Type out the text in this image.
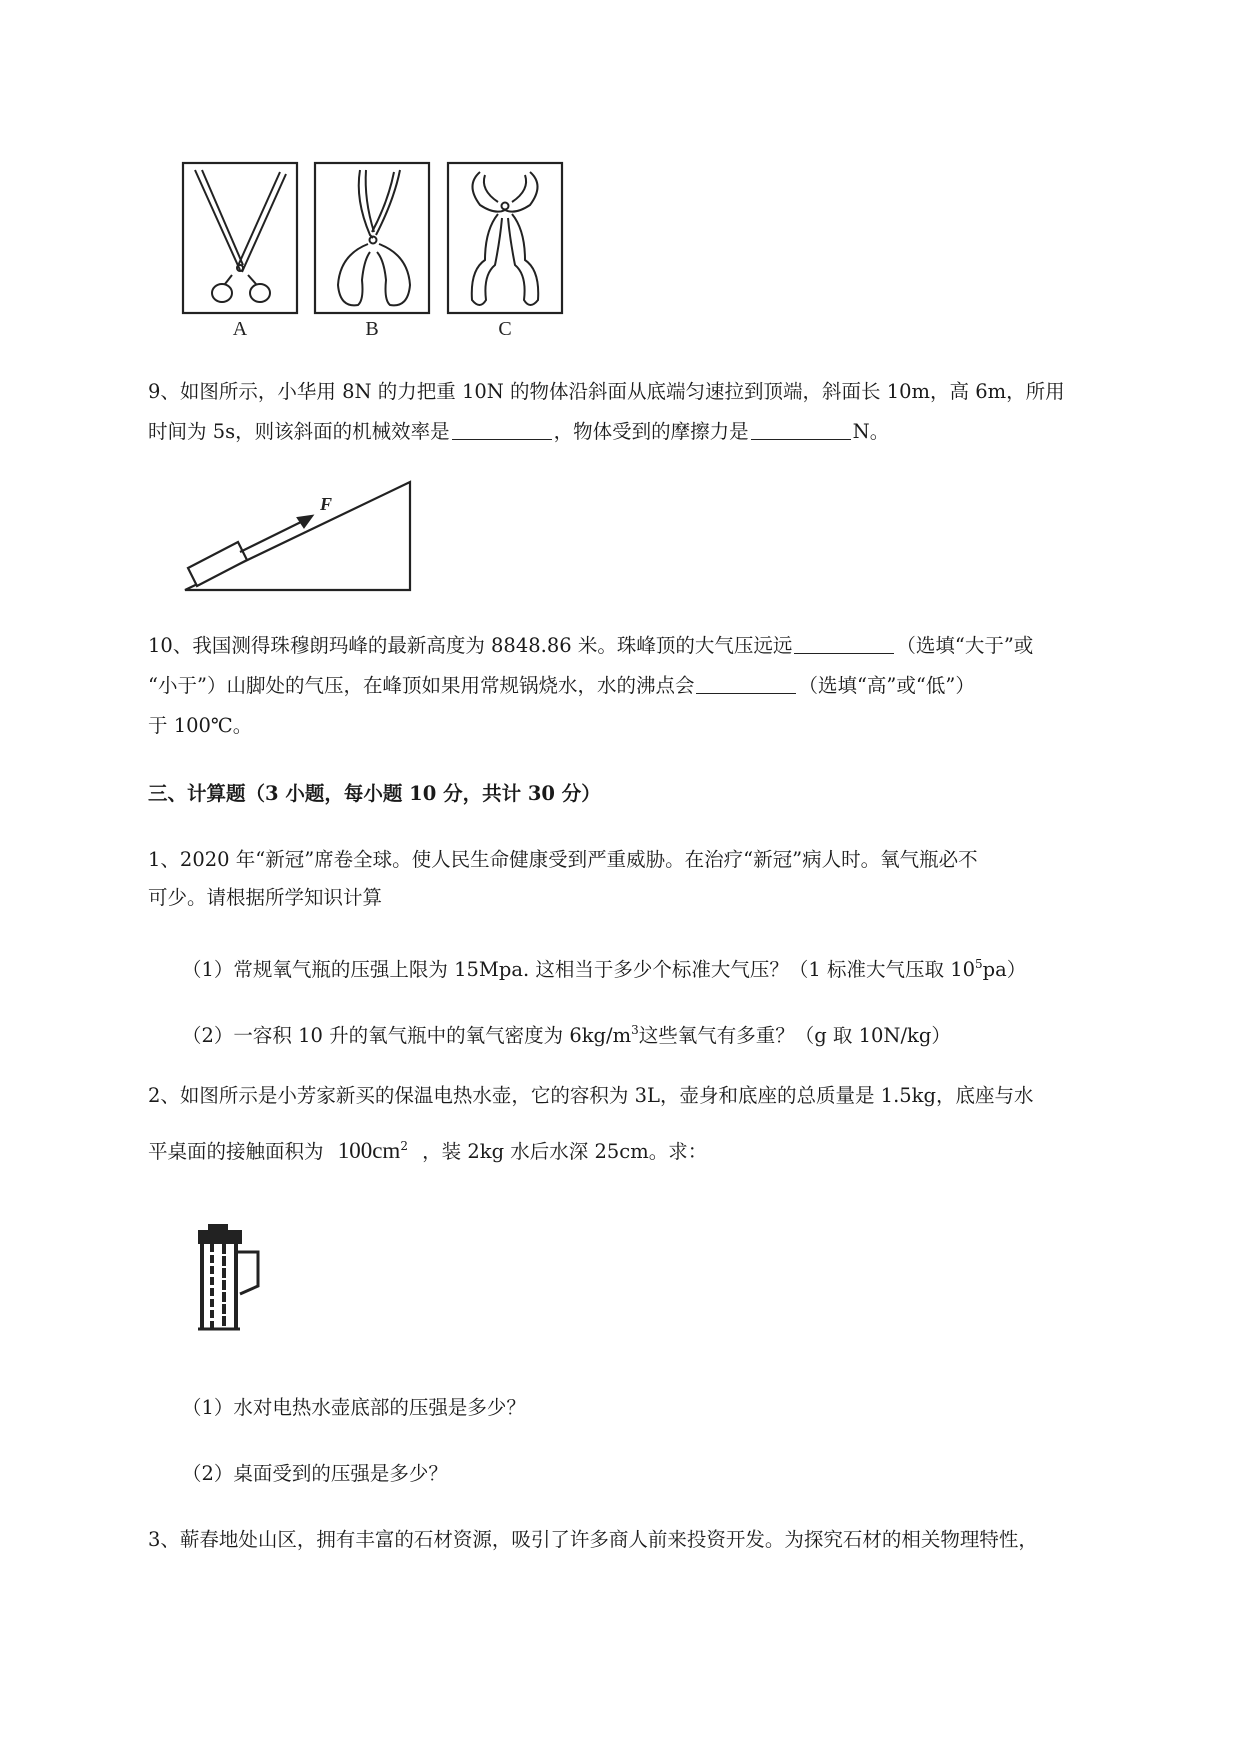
A	B	C
9、如图所示，小华用 8N 的力把重 10N 的物体沿斜面从底端匀速拉到顶端，斜面长 10m，高 6m，所用
时间为 5s，则该斜面的机械效率是	，物体受到的摩擦力是	N。
F
10、我国测得珠穆朗玛峰的最新高度为 8848.86 米。珠峰顶的大气压远远	（选填“大于”或
“小于”）山脚处的气压，在峰顶如果用常规锅烧水，水的沸点会	（选填“高”或“低”）
于 100℃。
三、计算题（3 小题，每小题 10 分，共计 30 分）
1、2020 年“新冠”席卷全球。使人民生命健康受到严重威胁。在治疗“新冠”病人时。氧气瓶必不
可少。请根据所学知识计算
（1）常规氧气瓶的压强上限为 15Mpa. 这相当于多少个标准大气压？（1 标准大气压取 $10^5pa$）
（2）一容积 10 升的氧气瓶中的氧气密度为 $6kg/m^3$这些氧气有多重？（g 取 10N/kg）
2、如图所示是小芳家新买的保温电热水壶，它的容积为 3L，壶身和底座的总质量是 1.5kg，底座与水
平桌面的接触面积为 $100cm^2$ ，装 2kg 水后水深 25cm。求：
（1）水对电热水壶底部的压强是多少？
（2）桌面受到的压强是多少？
3、蕲春地处山区，拥有丰富的石材资源，吸引了许多商人前来投资开发。为探究石材的相关物理特性，
